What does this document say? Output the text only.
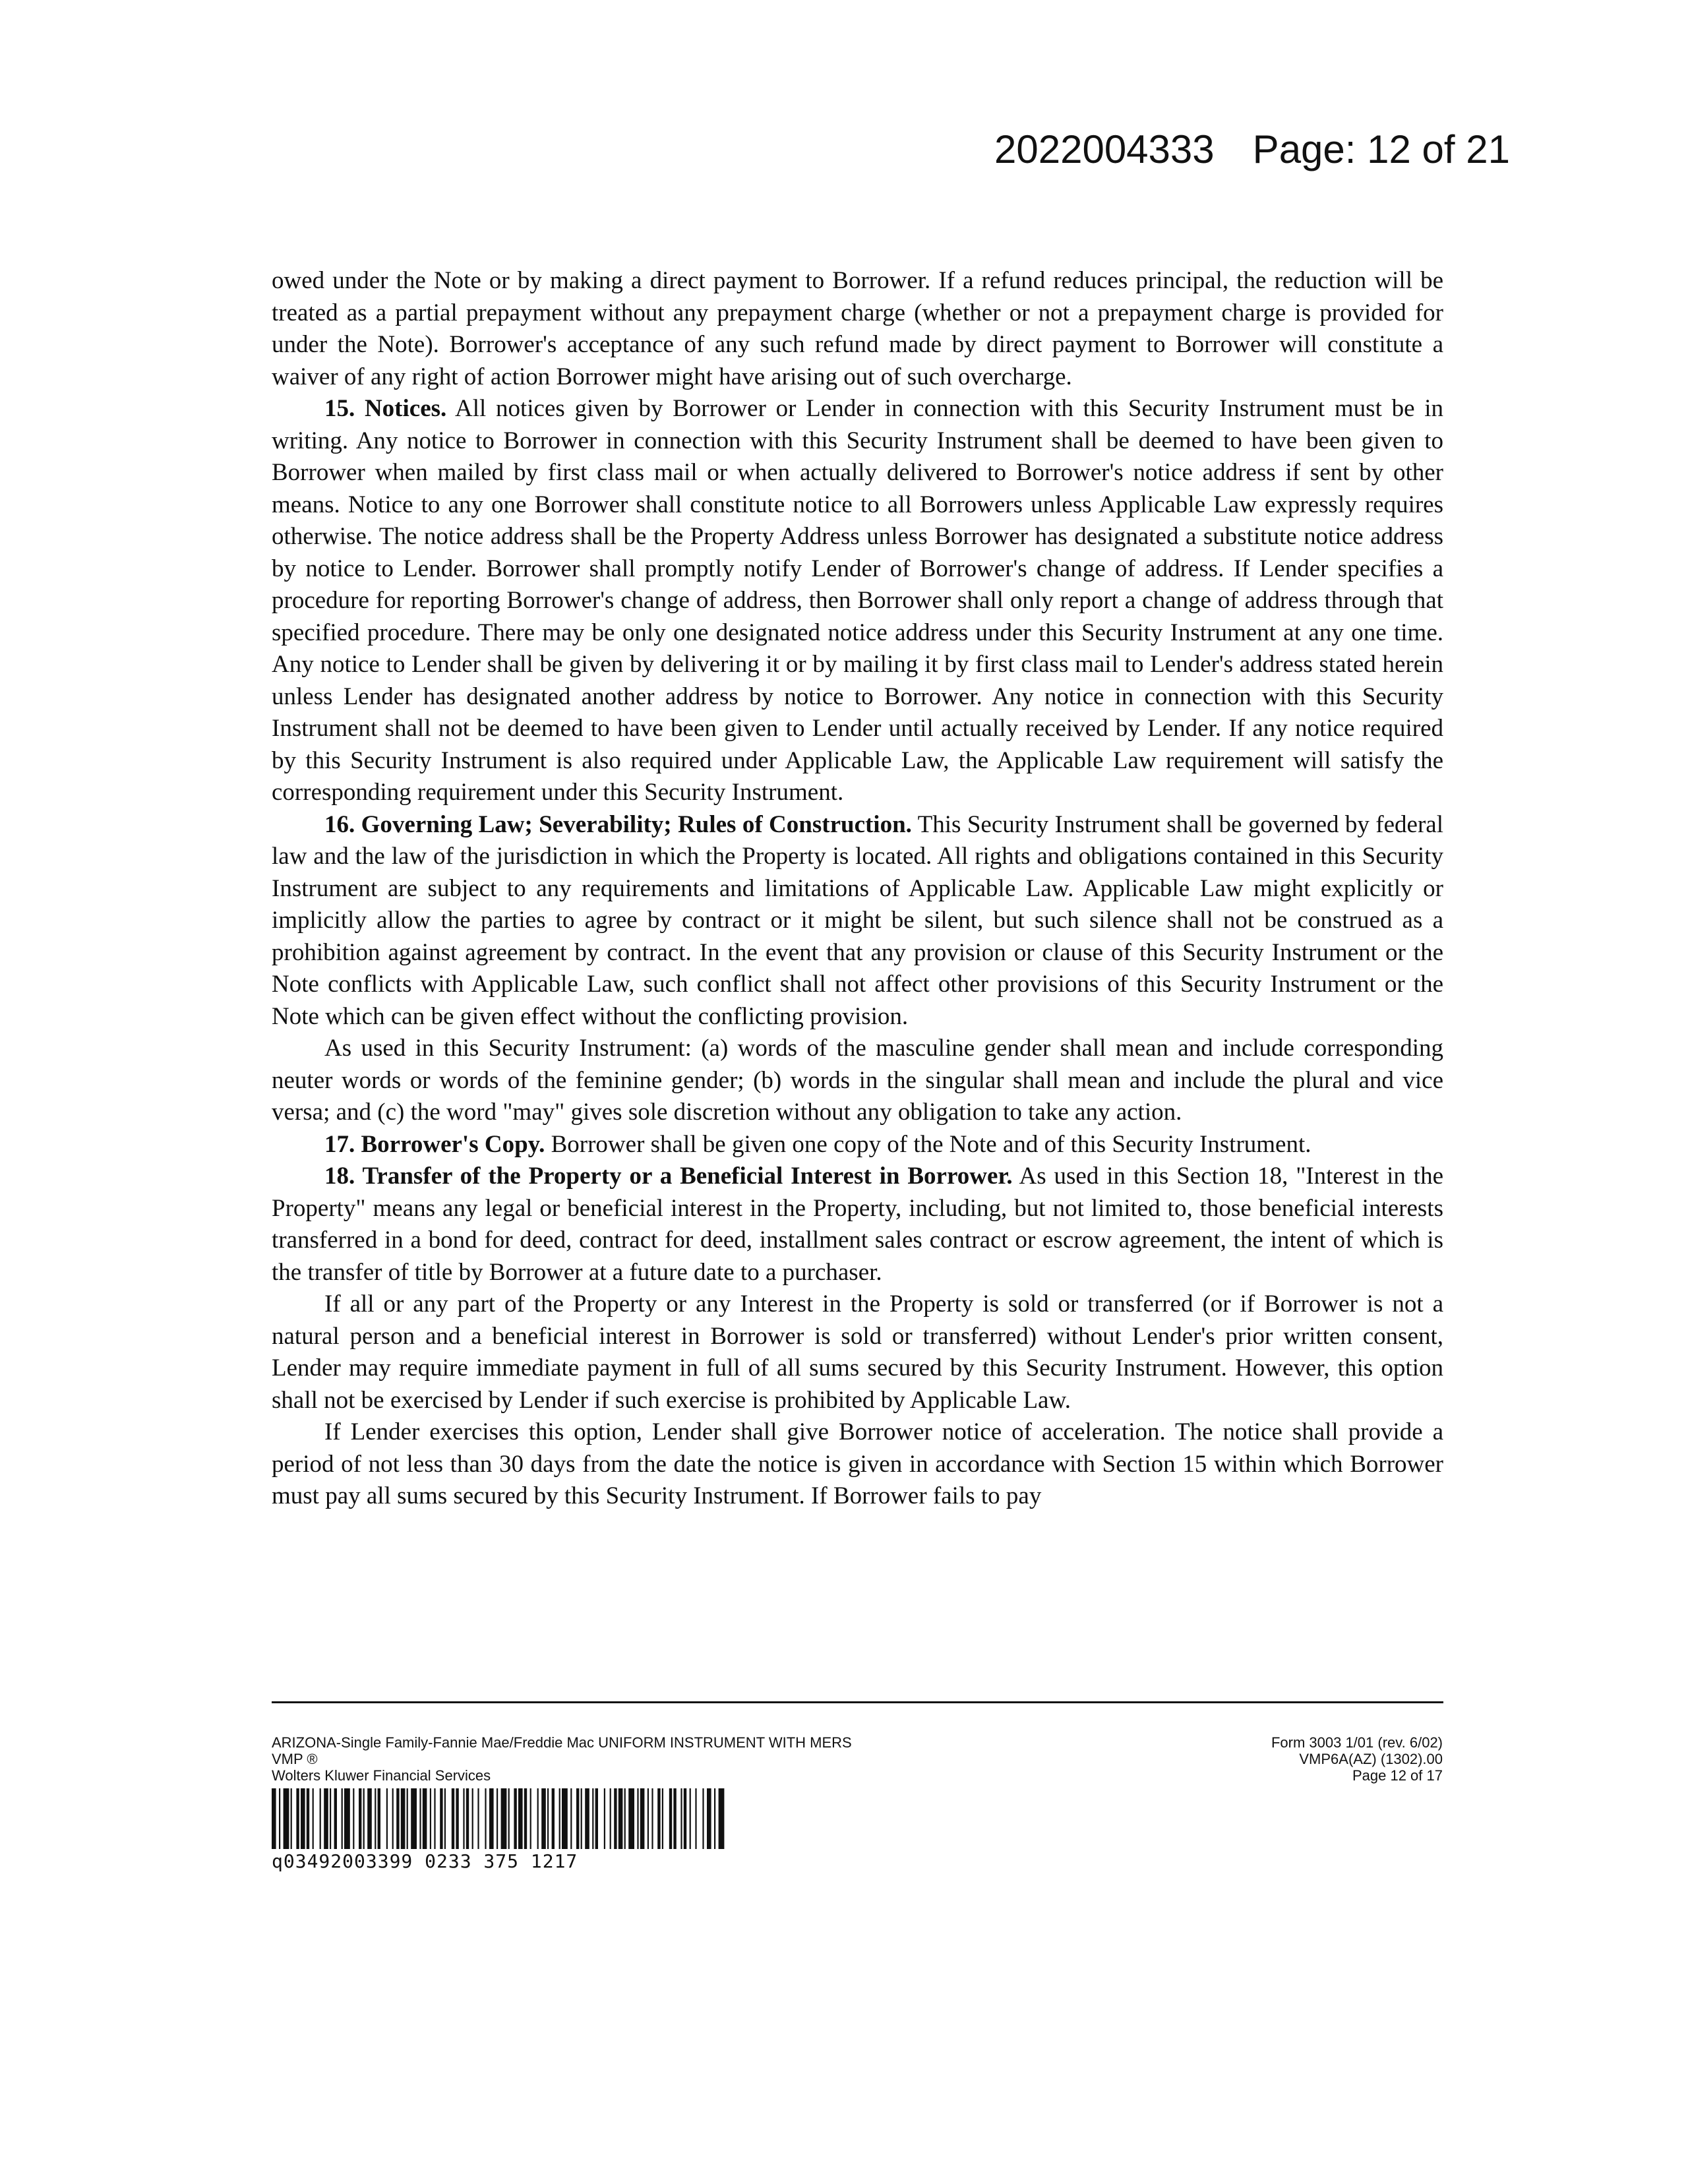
2022004333 Page: 12 of 21

owed under the Note or by making a direct payment to Borrower. If a refund reduces principal, the reduction will be treated as a partial prepayment without any prepayment charge (whether or not a prepayment charge is provided for under the Note). Borrower's acceptance of any such refund made by direct payment to Borrower will constitute a waiver of any right of action Borrower might have arising out of such overcharge.

15. Notices. All notices given by Borrower or Lender in connection with this Security Instrument must be in writing. Any notice to Borrower in connection with this Security Instrument shall be deemed to have been given to Borrower when mailed by first class mail or when actually delivered to Borrower's notice address if sent by other means. Notice to any one Borrower shall constitute notice to all Borrowers unless Applicable Law expressly requires otherwise. The notice address shall be the Property Address unless Borrower has designated a substitute notice address by notice to Lender. Borrower shall promptly notify Lender of Borrower's change of address. If Lender specifies a procedure for reporting Borrower's change of address, then Borrower shall only report a change of address through that specified procedure. There may be only one designated notice address under this Security Instrument at any one time. Any notice to Lender shall be given by delivering it or by mailing it by first class mail to Lender's address stated herein unless Lender has designated another address by notice to Borrower. Any notice in connection with this Security Instrument shall not be deemed to have been given to Lender until actually received by Lender. If any notice required by this Security Instrument is also required under Applicable Law, the Applicable Law requirement will satisfy the corresponding requirement under this Security Instrument.

16. Governing Law; Severability; Rules of Construction. This Security Instrument shall be governed by federal law and the law of the jurisdiction in which the Property is located. All rights and obligations contained in this Security Instrument are subject to any requirements and limitations of Applicable Law. Applicable Law might explicitly or implicitly allow the parties to agree by contract or it might be silent, but such silence shall not be construed as a prohibition against agreement by contract. In the event that any provision or clause of this Security Instrument or the Note conflicts with Applicable Law, such conflict shall not affect other provisions of this Security Instrument or the Note which can be given effect without the conflicting provision.

As used in this Security Instrument: (a) words of the masculine gender shall mean and include corresponding neuter words or words of the feminine gender; (b) words in the singular shall mean and include the plural and vice versa; and (c) the word "may" gives sole discretion without any obligation to take any action.

17. Borrower's Copy. Borrower shall be given one copy of the Note and of this Security Instrument.

18. Transfer of the Property or a Beneficial Interest in Borrower. As used in this Section 18, "Interest in the Property" means any legal or beneficial interest in the Property, including, but not limited to, those beneficial interests transferred in a bond for deed, contract for deed, installment sales contract or escrow agreement, the intent of which is the transfer of title by Borrower at a future date to a purchaser.

If all or any part of the Property or any Interest in the Property is sold or transferred (or if Borrower is not a natural person and a beneficial interest in Borrower is sold or transferred) without Lender's prior written consent, Lender may require immediate payment in full of all sums secured by this Security Instrument. However, this option shall not be exercised by Lender if such exercise is prohibited by Applicable Law.

If Lender exercises this option, Lender shall give Borrower notice of acceleration. The notice shall provide a period of not less than 30 days from the date the notice is given in accordance with Section 15 within which Borrower must pay all sums secured by this Security Instrument. If Borrower fails to pay

ARIZONA-Single Family-Fannie Mae/Freddie Mac UNIFORM INSTRUMENT WITH MERS
VMP ®
Wolters Kluwer Financial Services
Form 3003 1/01 (rev. 6/02)
VMP6A(AZ) (1302).00
Page 12 of 17
q03492003399 0233 375 1217
